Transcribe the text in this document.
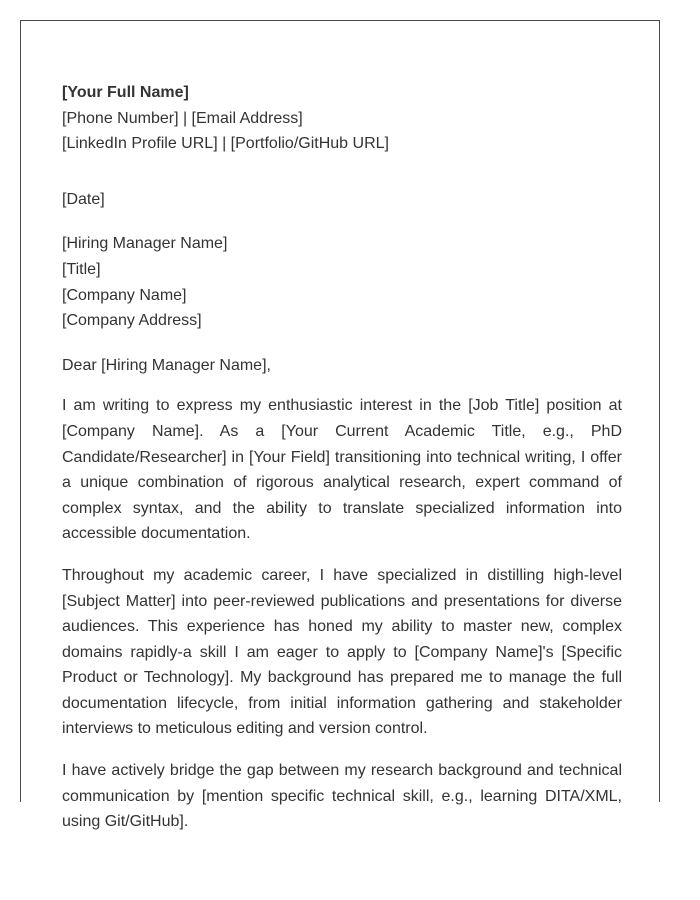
[Your Full Name]
[Phone Number] | [Email Address]
[LinkedIn Profile URL] | [Portfolio/GitHub URL]
[Date]
[Hiring Manager Name]
[Title]
[Company Name]
[Company Address]

Dear [Hiring Manager Name],

I am writing to express my enthusiastic interest in the [Job Title] position at [Company Name]. As a [Your Current Academic Title, e.g., PhD Candidate/Researcher] in [Your Field] transitioning into technical writing, I offer a unique combination of rigorous analytical research, expert command of complex syntax, and the ability to translate specialized information into accessible documentation.

Throughout my academic career, I have specialized in distilling high-level [Subject Matter] into peer-reviewed publications and presentations for diverse audiences. This experience has honed my ability to master new, complex domains rapidly-a skill I am eager to apply to [Company Name]'s [Specific Product or Technology]. My background has prepared me to manage the full documentation lifecycle, from initial information gathering and stakeholder interviews to meticulous editing and version control.

I have actively bridge the gap between my research background and technical communication by [mention specific technical skill, e.g., learning DITA/XML, using Git/GitHub].
